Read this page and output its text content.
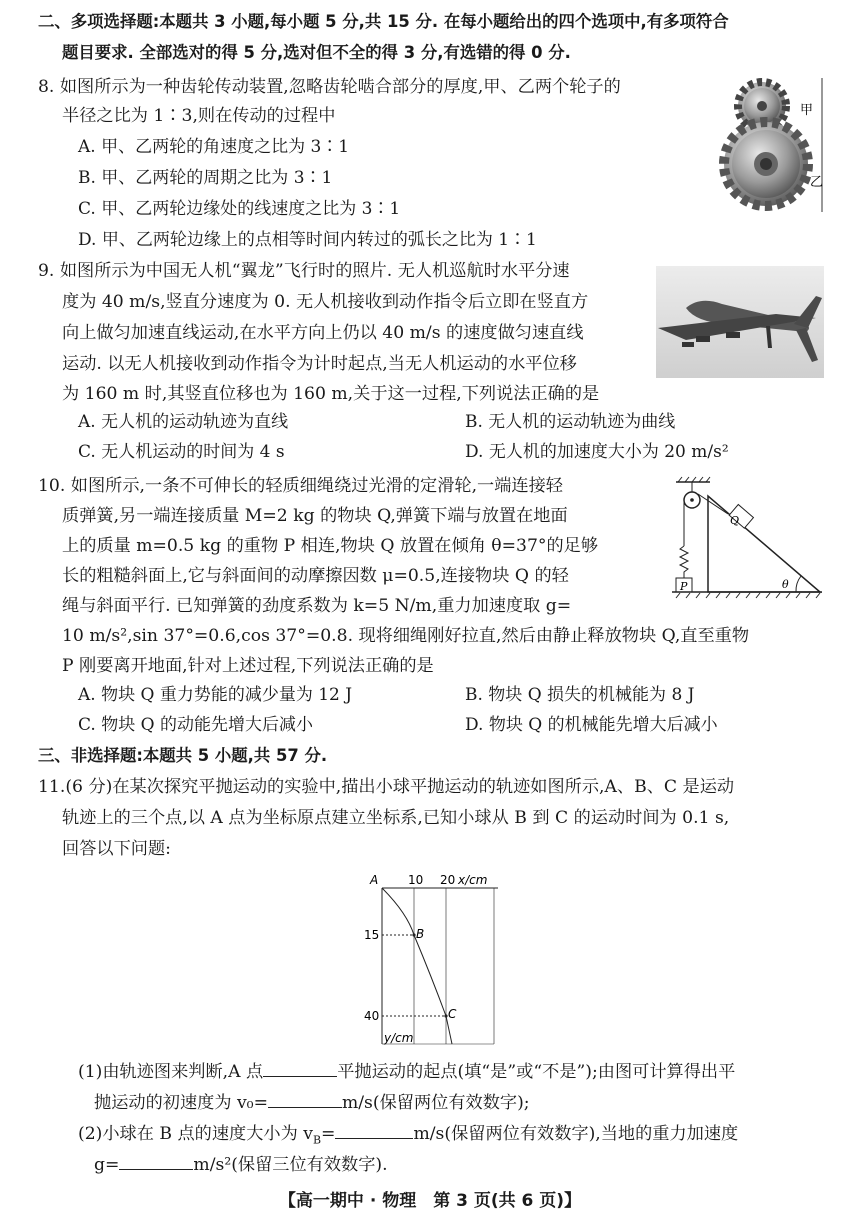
二、多项选择题:本题共 3 小题,每小题 5 分,共 15 分. 在每小题给出的四个选项中,有多项符合
题目要求. 全部选对的得 5 分,选对但不全的得 3 分,有选错的得 0 分.
8. 如图所示为一种齿轮传动装置,忽略齿轮啮合部分的厚度,甲、乙两个轮子的
半径之比为 1∶3,则在传动的过程中
A. 甲、乙两轮的角速度之比为 3∶1
B. 甲、乙两轮的周期之比为 3∶1
C. 甲、乙两轮边缘处的线速度之比为 3∶1
D. 甲、乙两轮边缘上的点相等时间内转过的弧长之比为 1∶1
甲
乙
9. 如图所示为中国无人机“翼龙”飞行时的照片. 无人机巡航时水平分速
度为 40 m/s,竖直分速度为 0. 无人机接收到动作指令后立即在竖直方
向上做匀加速直线运动,在水平方向上仍以 40 m/s 的速度做匀速直线
运动. 以无人机接收到动作指令为计时起点,当无人机运动的水平位移
为 160 m 时,其竖直位移也为 160 m,关于这一过程,下列说法正确的是
A. 无人机的运动轨迹为直线	B. 无人机的运动轨迹为曲线
C. 无人机运动的时间为 4 s	D. 无人机的加速度大小为 20 m/s²
10. 如图所示,一条不可伸长的轻质细绳绕过光滑的定滑轮,一端连接轻
质弹簧,另一端连接质量 M=2 kg 的物块 Q,弹簧下端与放置在地面
上的质量 m=0.5 kg 的重物 P 相连,物块 Q 放置在倾角 θ=37°的足够
长的粗糙斜面上,它与斜面间的动摩擦因数 μ=0.5,连接物块 Q 的轻
绳与斜面平行. 已知弹簧的劲度系数为 k=5 N/m,重力加速度取 g=
10 m/s²,sin 37°=0.6,cos 37°=0.8. 现将细绳刚好拉直,然后由静止释放物块 Q,直至重物
P 刚要离开地面,针对上述过程,下列说法正确的是
A. 物块 Q 重力势能的减少量为 12 J	B. 物块 Q 损失的机械能为 8 J
C. 物块 Q 的动能先增大后减小	D. 物块 Q 的机械能先增大后减小
P
Q
θ
三、非选择题:本题共 5 小题,共 57 分.
11.(6 分)在某次探究平抛运动的实验中,描出小球平抛运动的轨迹如图所示,A、B、C 是运动
轨迹上的三个点,以 A 点为坐标原点建立坐标系,已知小球从 B 到 C 的运动时间为 0.1 s,
回答以下问题:
A 10 20 x/cm
15
40
y/cm
B
C
(1)由轨迹图来判断,A 点	平抛运动的起点(填“是”或“不是”);由图可计算得出平
抛运动的初速度为 v₀=	m/s(保留两位有效数字);
(2)小球在 B 点的速度大小为 $v_B=$	m/s(保留两位有效数字),当地的重力加速度
g=	m/s²(保留三位有效数字).
【高一期中 · 物理　第 3 页(共 6 页)】
